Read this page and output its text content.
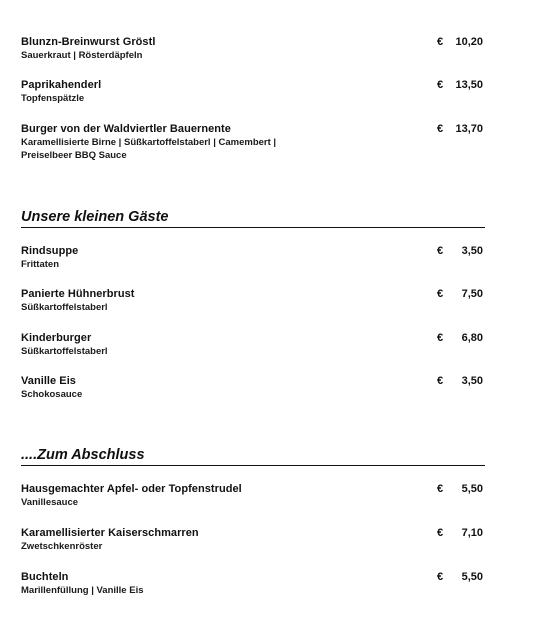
Blunzn-Breinwurst Gröstl
Sauerkraut | Rösterdäpfeln
€ 10,20
Paprikahenderl
Topfenspätzle
€ 13,50
Burger von der Waldviertler Bauernente
Karamellisierte Birne | Süßkartoffelstaberl | Camembert |
Preiselbeer BBQ Sauce
€ 13,70
Unsere kleinen Gäste
Rindsuppe
Frittaten
€ 3,50
Panierte Hühnerbrust
Süßkartoffelstaberl
€ 7,50
Kinderburger
Süßkartoffelstaberl
€ 6,80
Vanille Eis
Schokosauce
€ 3,50
....Zum Abschluss
Hausgemachter Apfel- oder Topfenstrudel
Vanillesauce
€ 5,50
Karamellisierter Kaiserschmarren
Zwetschkenröster
€ 7,10
Buchteln
Marillenfüllung | Vanille Eis
€ 5,50
